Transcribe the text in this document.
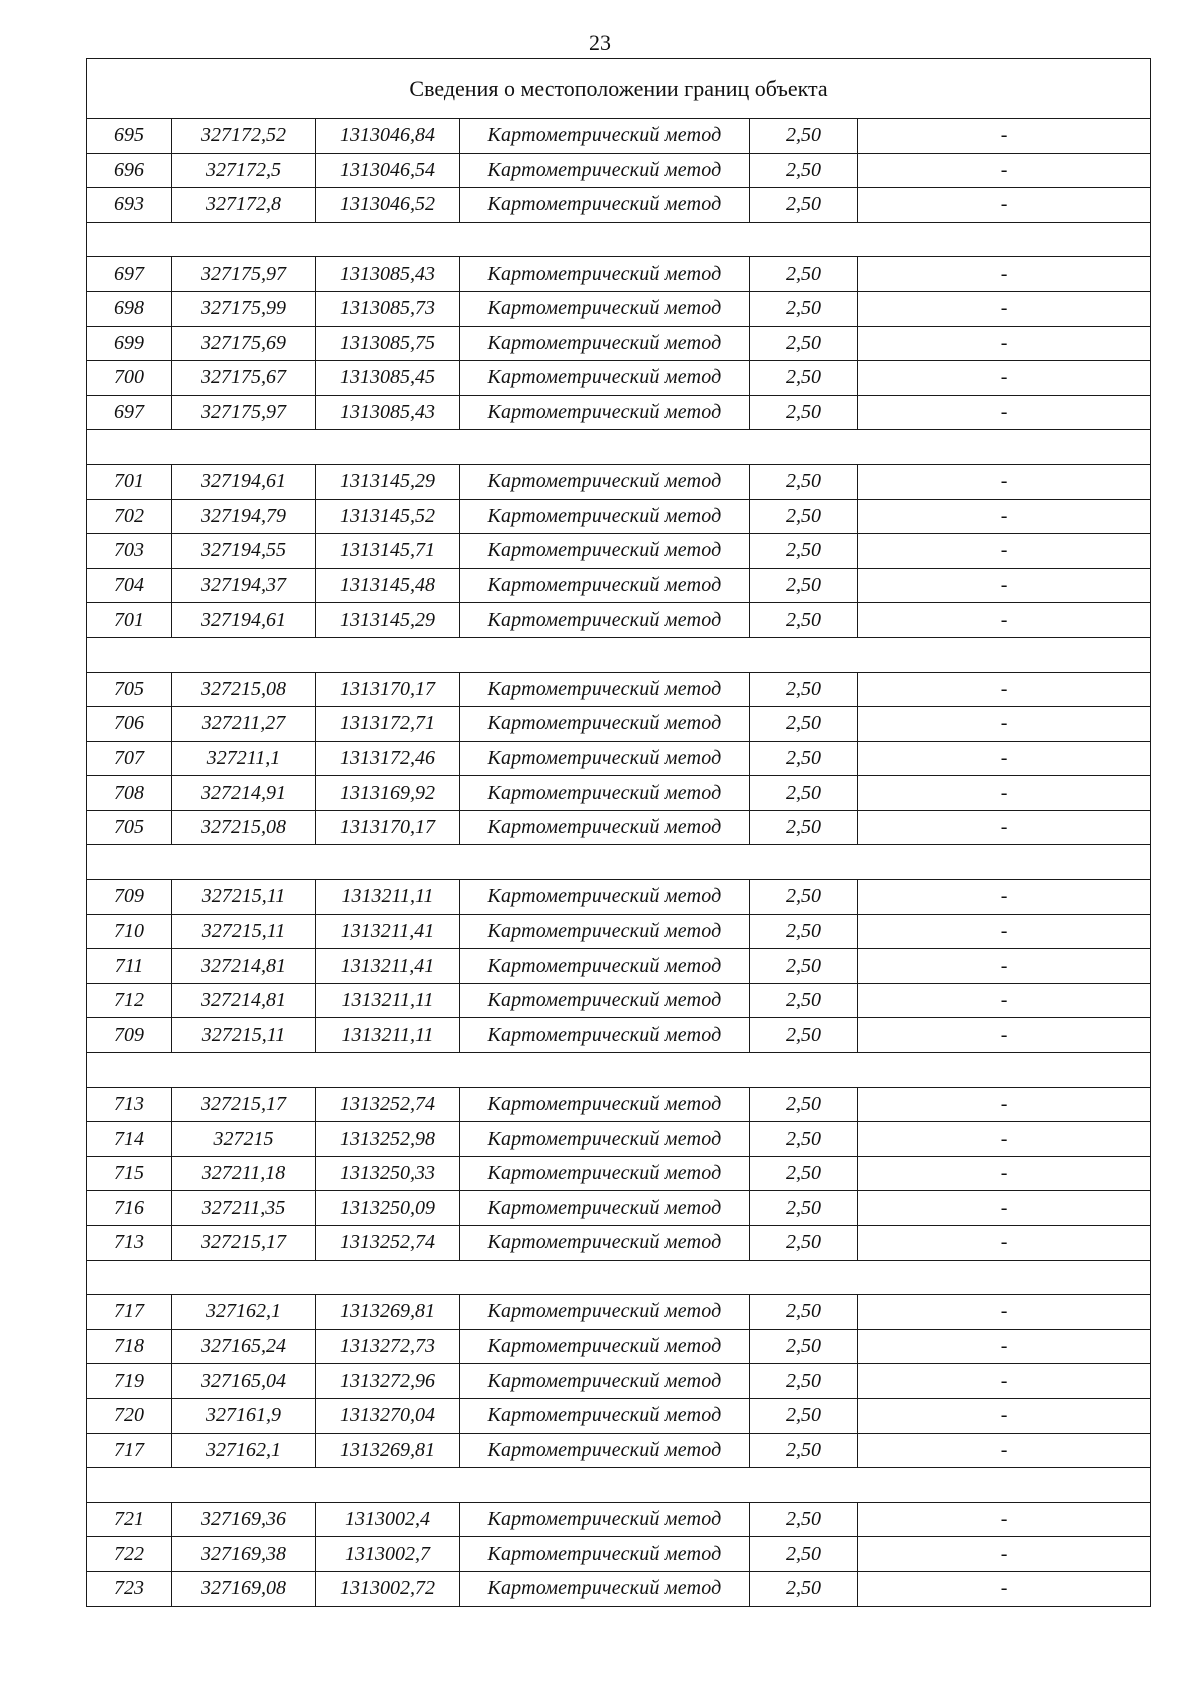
23
Сведения о местоположении границ объекта					
695	327172,52	1313046,84	Картометрический метод	2,50	-
696	327172,5	1313046,54	Картометрический метод	2,50	-
693	327172,8	1313046,52	Картометрический метод	2,50	-

697	327175,97	1313085,43	Картометрический метод	2,50	-
698	327175,99	1313085,73	Картометрический метод	2,50	-
699	327175,69	1313085,75	Картометрический метод	2,50	-
700	327175,67	1313085,45	Картометрический метод	2,50	-
697	327175,97	1313085,43	Картометрический метод	2,50	-

701	327194,61	1313145,29	Картометрический метод	2,50	-
702	327194,79	1313145,52	Картометрический метод	2,50	-
703	327194,55	1313145,71	Картометрический метод	2,50	-
704	327194,37	1313145,48	Картометрический метод	2,50	-
701	327194,61	1313145,29	Картометрический метод	2,50	-

705	327215,08	1313170,17	Картометрический метод	2,50	-
706	327211,27	1313172,71	Картометрический метод	2,50	-
707	327211,1	1313172,46	Картометрический метод	2,50	-
708	327214,91	1313169,92	Картометрический метод	2,50	-
705	327215,08	1313170,17	Картометрический метод	2,50	-

709	327215,11	1313211,11	Картометрический метод	2,50	-
710	327215,11	1313211,41	Картометрический метод	2,50	-
711	327214,81	1313211,41	Картометрический метод	2,50	-
712	327214,81	1313211,11	Картометрический метод	2,50	-
709	327215,11	1313211,11	Картометрический метод	2,50	-

713	327215,17	1313252,74	Картометрический метод	2,50	-
714	327215	1313252,98	Картометрический метод	2,50	-
715	327211,18	1313250,33	Картометрический метод	2,50	-
716	327211,35	1313250,09	Картометрический метод	2,50	-
713	327215,17	1313252,74	Картометрический метод	2,50	-

717	327162,1	1313269,81	Картометрический метод	2,50	-
718	327165,24	1313272,73	Картометрический метод	2,50	-
719	327165,04	1313272,96	Картометрический метод	2,50	-
720	327161,9	1313270,04	Картометрический метод	2,50	-
717	327162,1	1313269,81	Картометрический метод	2,50	-

721	327169,36	1313002,4	Картометрический метод	2,50	-
722	327169,38	1313002,7	Картометрический метод	2,50	-
723	327169,08	1313002,72	Картометрический метод	2,50	-
